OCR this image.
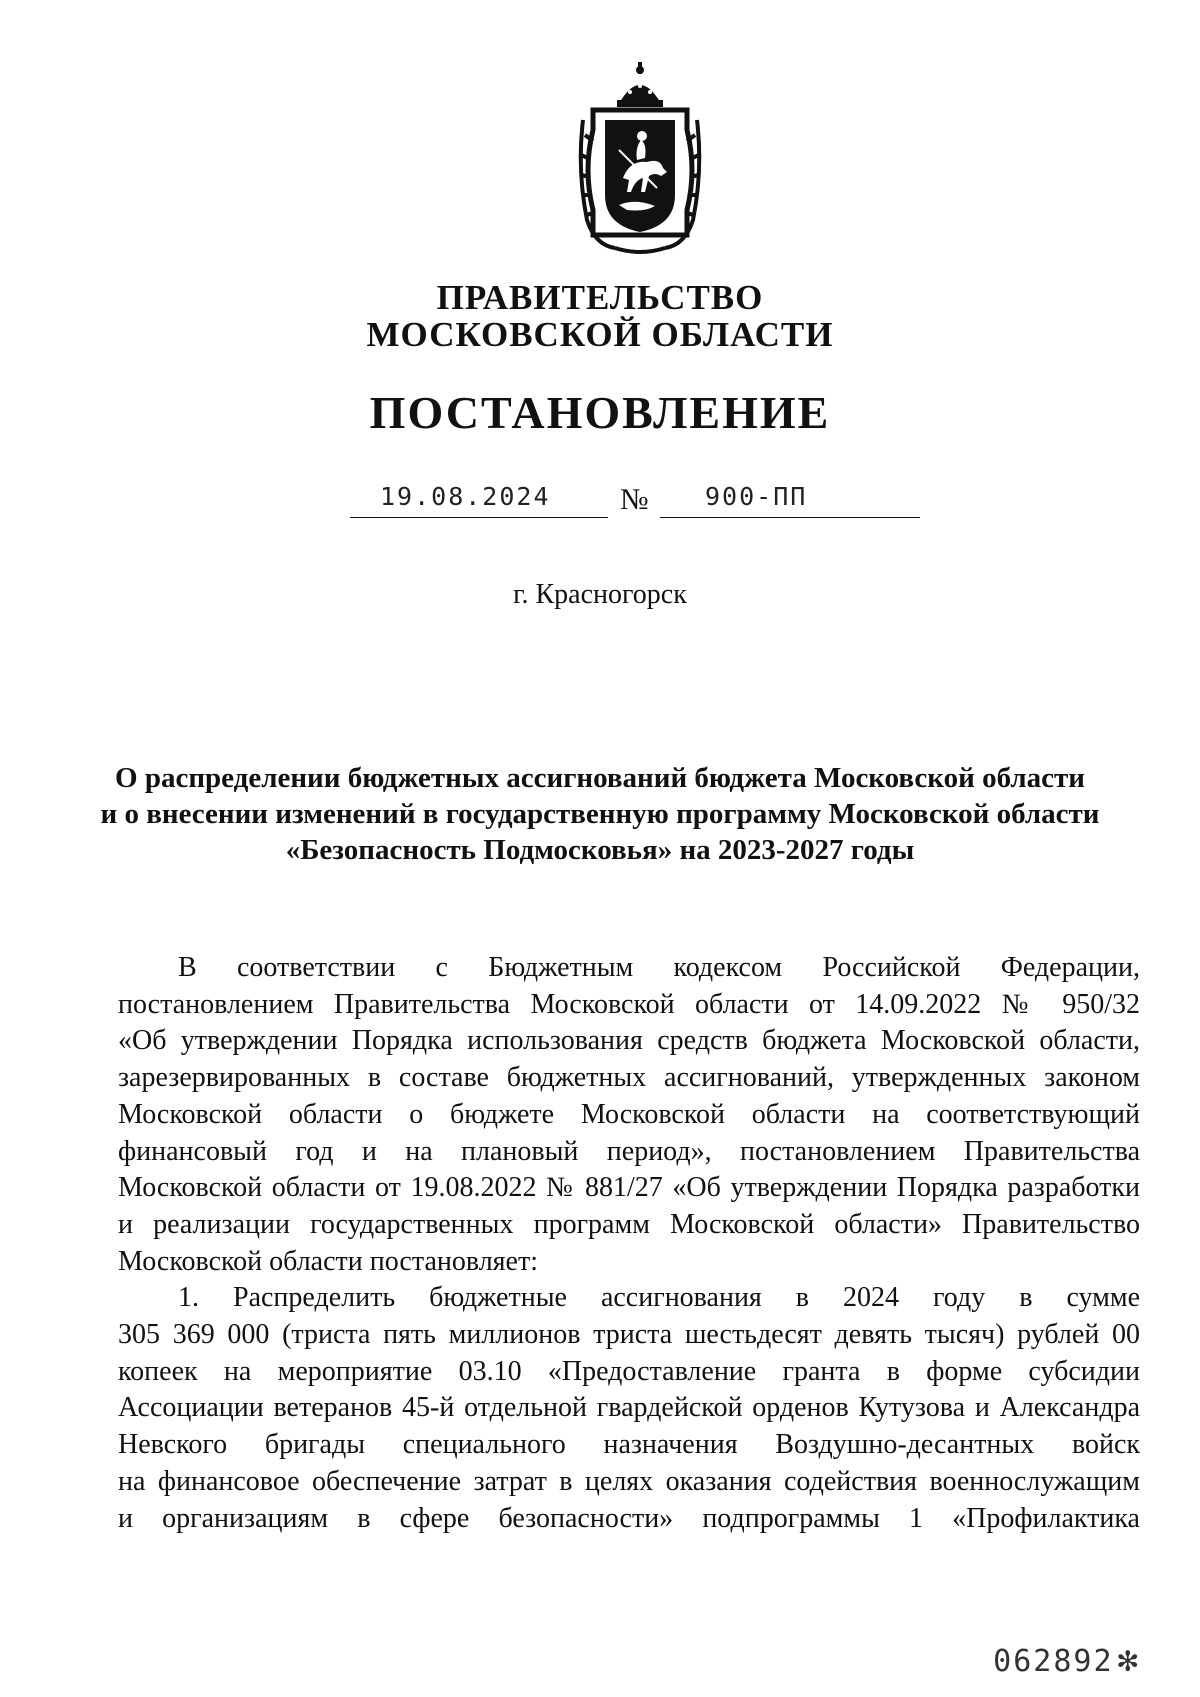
ПРАВИТЕЛЬСТВО
МОСКОВСКОЙ ОБЛАСТИ
ПОСТАНОВЛЕНИЕ
19.08.2024 № 900-ПП
г. Красногорск
О распределении бюджетных ассигнований бюджета Московской области
и о внесении изменений в государственную программу Московской области
«Безопасность Подмосковья» на 2023-2027 годы
В соответствии с Бюджетным кодексом Российской Федерации,
постановлением Правительства Московской области от 14.09.2022 № 950/32
«Об утверждении Порядка использования средств бюджета Московской области,
зарезервированных в составе бюджетных ассигнований, утвержденных законом
Московской области о бюджете Московской области на соответствующий
финансовый год и на плановый период», постановлением Правительства
Московской области от 19.08.2022 № 881/27 «Об утверждении Порядка разработки
и реализации государственных программ Московской области» Правительство
Московской области постановляет:
1. Распределить бюджетные ассигнования в 2024 году в сумме
305 369 000 (триста пять миллионов триста шестьдесят девять тысяч) рублей 00
копеек на мероприятие 03.10 «Предоставление гранта в форме субсидии
Ассоциации ветеранов 45-й отдельной гвардейской орденов Кутузова и Александра
Невского бригады специального назначения Воздушно-десантных войск
на финансовое обеспечение затрат в целях оказания содействия военнослужащим
и организациям в сфере безопасности» подпрограммы 1 «Профилактика
062892 ✻
